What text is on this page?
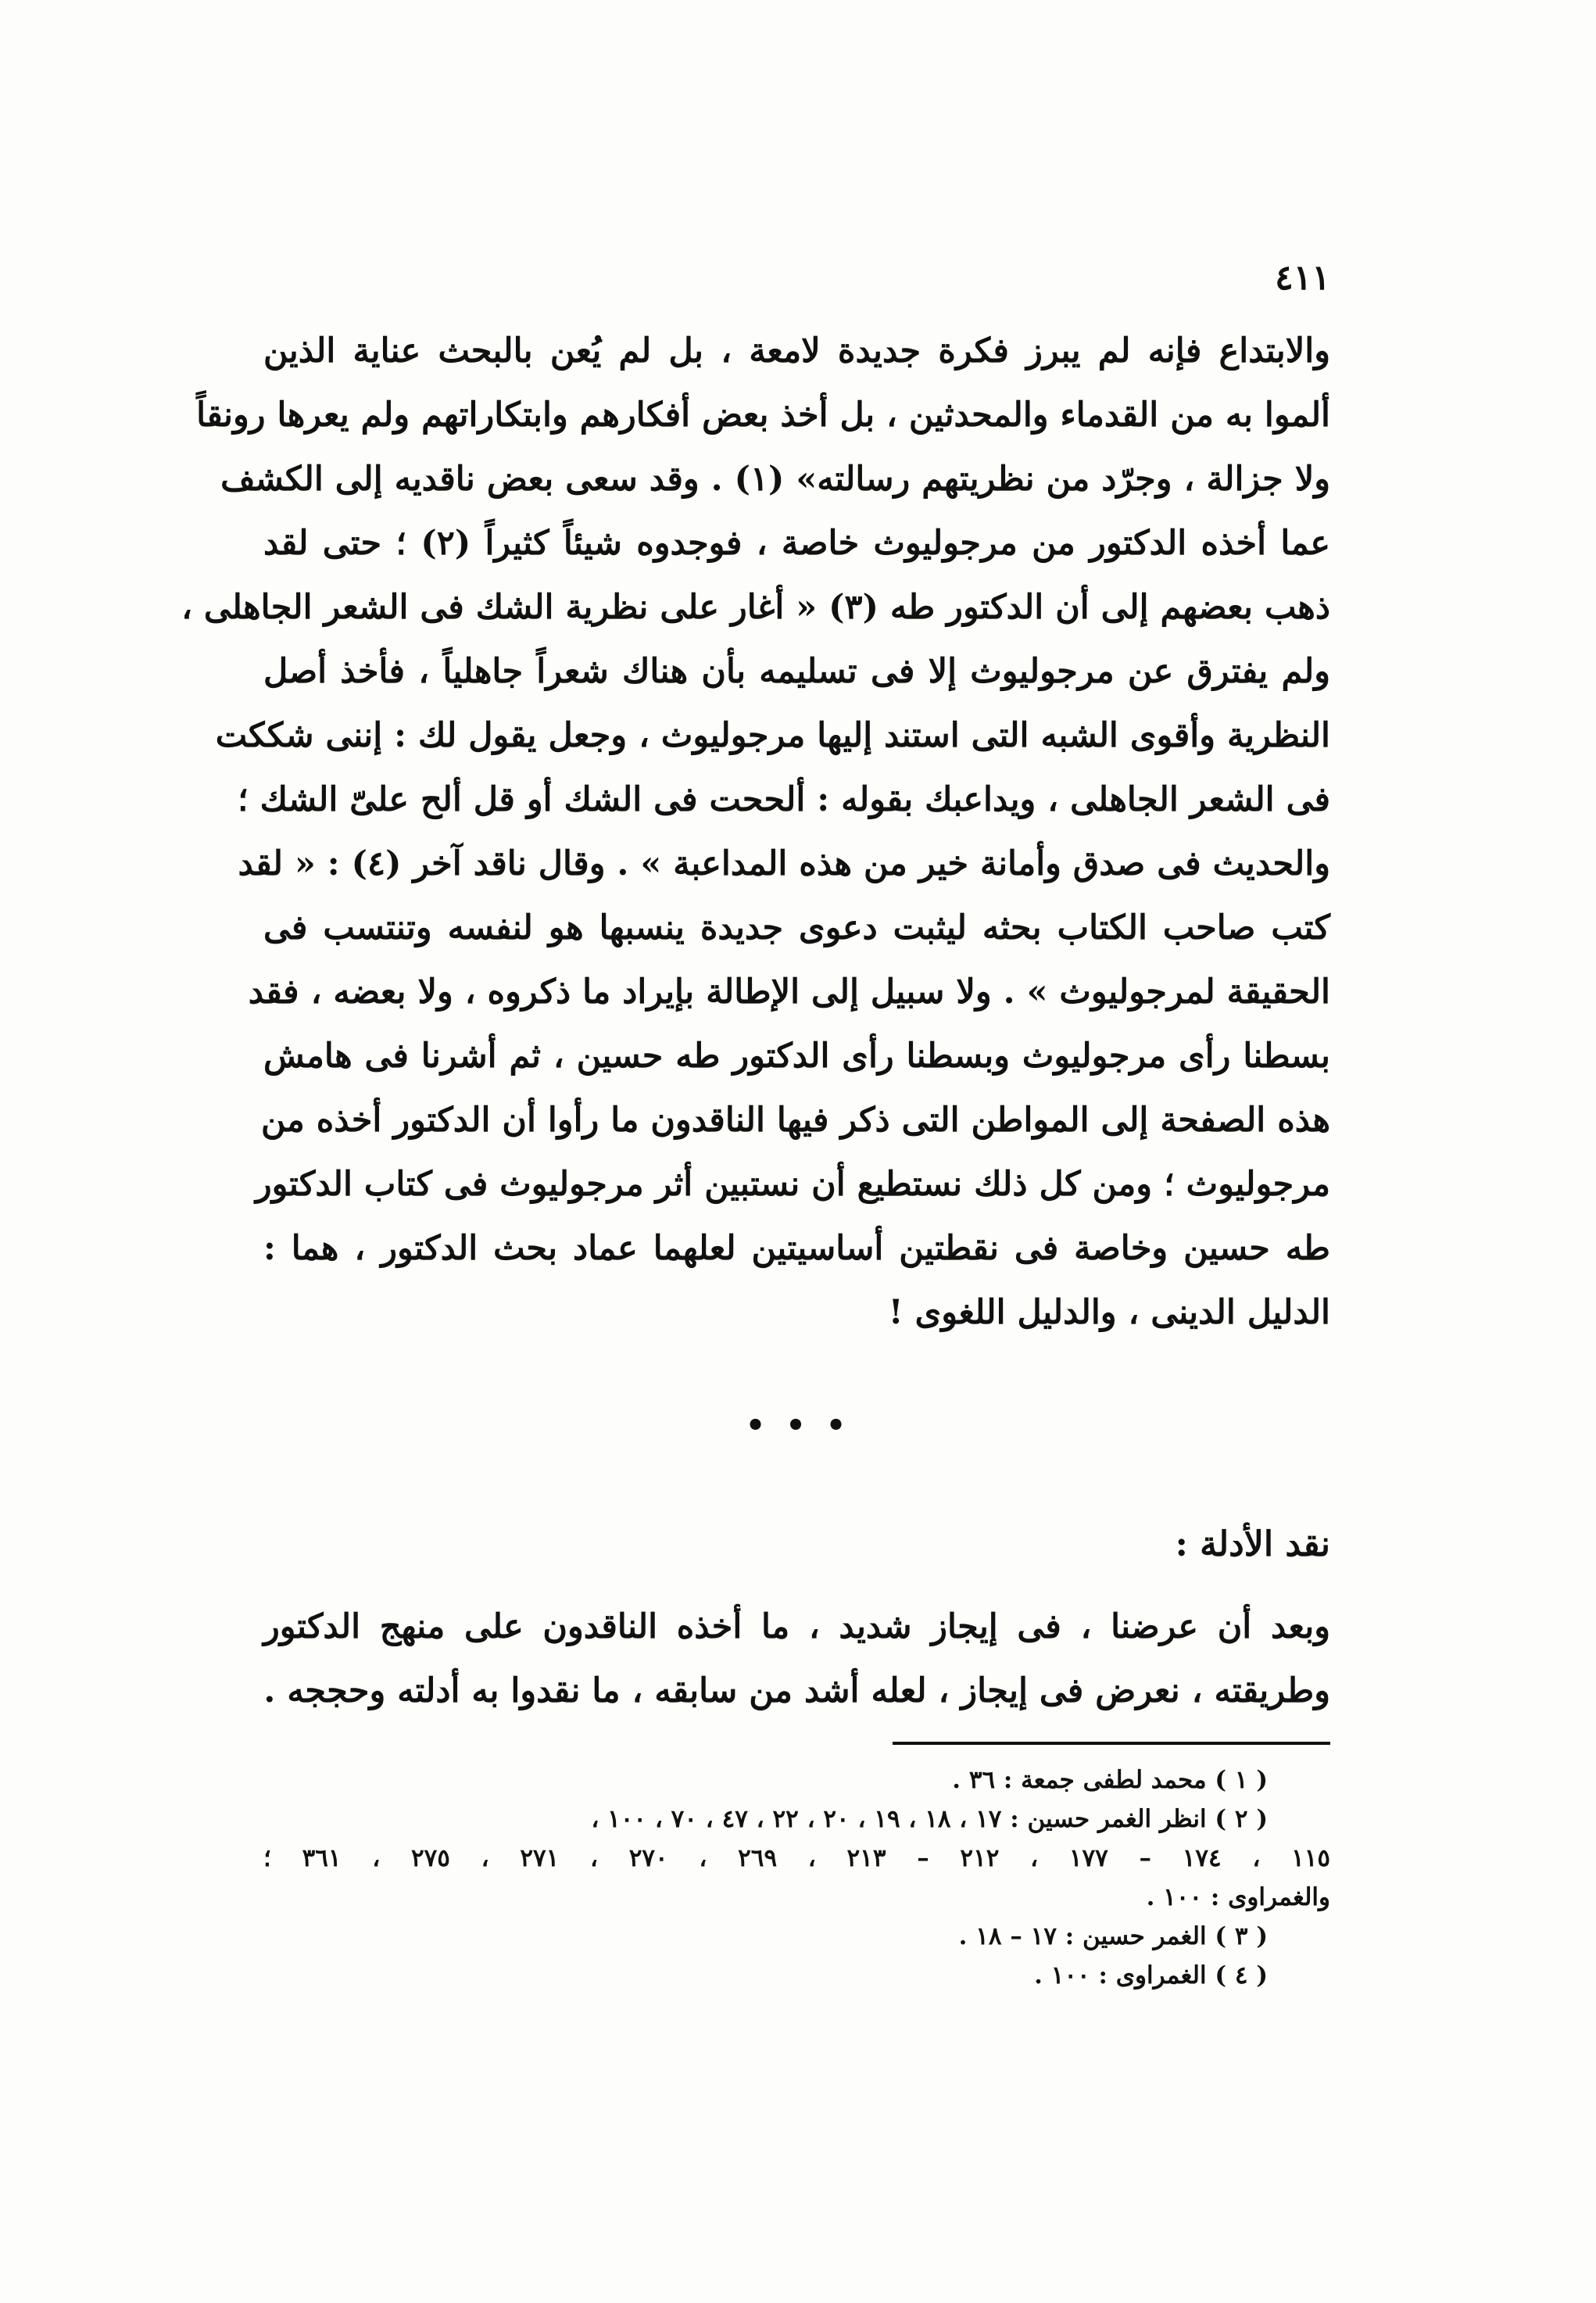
٤١١
والابتداع فإنه لم يبرز فكرة جديدة لامعة ، بل لم يُعن بالبحث عناية الذين
ألموا به من القدماء والمحدثين ، بل أخذ بعض أفكارهم وابتكاراتهم ولم يعرها رونقاً
ولا جزالة ، وجرّد من نظريتهم رسالته» (١) . وقد سعى بعض ناقديه إلى الكشف
عما أخذه الدكتور من مرجوليوث خاصة ، فوجدوه شيئاً كثيراً (٢) ؛ حتى لقد
ذهب بعضهم إلى أن الدكتور طه (٣) « أغار على نظرية الشك فى الشعر الجاهلى ،
ولم يفترق عن مرجوليوث إلا فى تسليمه بأن هناك شعراً جاهلياً ، فأخذ أصل
النظرية وأقوى الشبه التى استند إليها مرجوليوث ، وجعل يقول لك : إننى شككت
فى الشعر الجاهلى ، ويداعبك بقوله : ألححت فى الشك أو قل ألح علىّ الشك ؛
والحديث فى صدق وأمانة خير من هذه المداعبة » . وقال ناقد آخر (٤) : « لقد
كتب صاحب الكتاب بحثه ليثبت دعوى جديدة ينسبها هو لنفسه وتنتسب فى
الحقيقة لمرجوليوث » . ولا سبيل إلى الإطالة بإيراد ما ذكروه ، ولا بعضه ، فقد
بسطنا رأى مرجوليوث وبسطنا رأى الدكتور طه حسين ، ثم أشرنا فى هامش
هذه الصفحة إلى المواطن التى ذكر فيها الناقدون ما رأوا أن الدكتور أخذه من
مرجوليوث ؛ ومن كل ذلك نستطيع أن نستبين أثر مرجوليوث فى كتاب الدكتور
طه حسين وخاصة فى نقطتين أساسيتين لعلهما عماد بحث الدكتور ، هما :
الدليل الدينى ، والدليل اللغوى !
• • •
نقد الأدلة :
وبعد أن عرضنا ، فى إيجاز شديد ، ما أخذه الناقدون على منهج الدكتور
وطريقته ، نعرض فى إيجاز ، لعله أشد من سابقه ، ما نقدوا به أدلته وحججه .
( ١ ) محمد لطفى جمعة : ٣٦ .
( ٢ ) انظر الغمر حسين : ١٧ ، ١٨ ، ١٩ ، ٢٠ ، ٢٢ ، ٤٧ ، ٧٠ ، ١٠٠ ،
١١٥ ، ١٧٤ – ١٧٧ ، ٢١٢ – ٢١٣ ، ٢٦٩ ، ٢٧٠ ، ٢٧١ ، ٢٧٥ ، ٣٦١ ؛
والغمراوى : ١٠٠ .
( ٣ ) الغمر حسين : ١٧ – ١٨ .
( ٤ ) الغمراوى : ١٠٠ .
